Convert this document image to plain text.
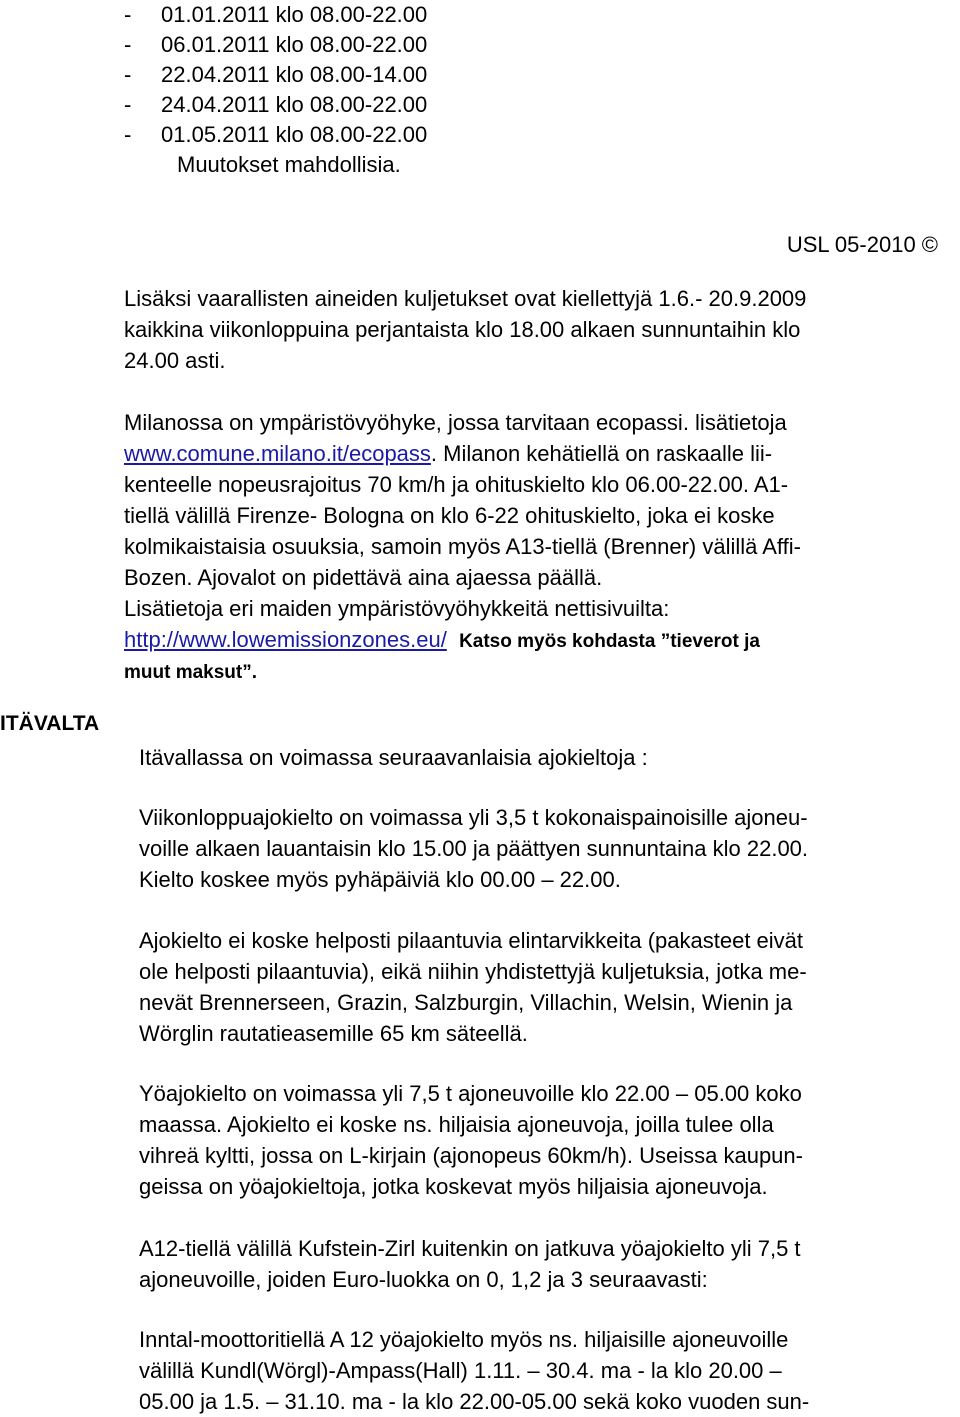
- 01.01.2011 klo 08.00-22.00
- 06.01.2011 klo 08.00-22.00
- 22.04.2011 klo 08.00-14.00
- 24.04.2011 klo 08.00-22.00
- 01.05.2011 klo 08.00-22.00
Muutokset mahdollisia.
USL 05-2010 ©
Lisäksi vaarallisten aineiden kuljetukset ovat kiellettyjä 1.6.- 20.9.2009
kaikkina viikonloppuina perjantaista klo 18.00 alkaen sunnuntaihin klo
24.00 asti.
Milanossa on ympäristövyöhyke, jossa tarvitaan ecopassi. lisätietoja
www.comune.milano.it/ecopass. Milanon kehätiellä on raskaalle lii-
kenteelle nopeusrajoitus 70 km/h ja ohituskielto klo 06.00-22.00. A1-
tiellä välillä Firenze- Bologna on klo 6-22 ohituskielto, joka ei koske
kolmikaistaisia osuuksia, samoin myös A13-tiellä (Brenner) välillä Affi-
Bozen. Ajovalot on pidettävä aina ajaessa päällä.
Lisätietoja eri maiden ympäristövyöhykkeitä nettisivuilta:
http://www.lowemissionzones.eu/ Katso myös kohdasta ”tieverot ja
muut maksut”.
ITÄVALTA
Itävallassa on voimassa seuraavanlaisia ajokieltoja :
Viikonloppuajokielto on voimassa yli 3,5 t kokonaispainoisille ajoneu-
voille alkaen lauantaisin klo 15.00 ja päättyen sunnuntaina klo 22.00.
Kielto koskee myös pyhäpäiviä klo 00.00 – 22.00.
Ajokielto ei koske helposti pilaantuvia elintarvikkeita (pakasteet eivät
ole helposti pilaantuvia), eikä niihin yhdistettyjä kuljetuksia, jotka me-
nevät Brennerseen, Grazin, Salzburgin, Villachin, Welsin, Wienin ja
Wörglin rautatieasemille 65 km säteellä.
Yöajokielto on voimassa yli 7,5 t ajoneuvoille klo 22.00 – 05.00 koko
maassa. Ajokielto ei koske ns. hiljaisia ajoneuvoja, joilla tulee olla
vihreä kyltti, jossa on L-kirjain (ajonopeus 60km/h). Useissa kaupun-
geissa on yöajokieltoja, jotka koskevat myös hiljaisia ajoneuvoja.
A12-tiellä välillä Kufstein-Zirl kuitenkin on jatkuva yöajokielto yli 7,5 t
ajoneuvoille, joiden Euro-luokka on 0, 1,2 ja 3 seuraavasti:
Inntal-moottoritiellä A 12 yöajokielto myös ns. hiljaisille ajoneuvoille
välillä Kundl(Wörgl)-Ampass(Hall) 1.11. – 30.4. ma - la klo 20.00 –
05.00 ja 1.5. – 31.10. ma - la klo 22.00-05.00 sekä koko vuoden sun-
